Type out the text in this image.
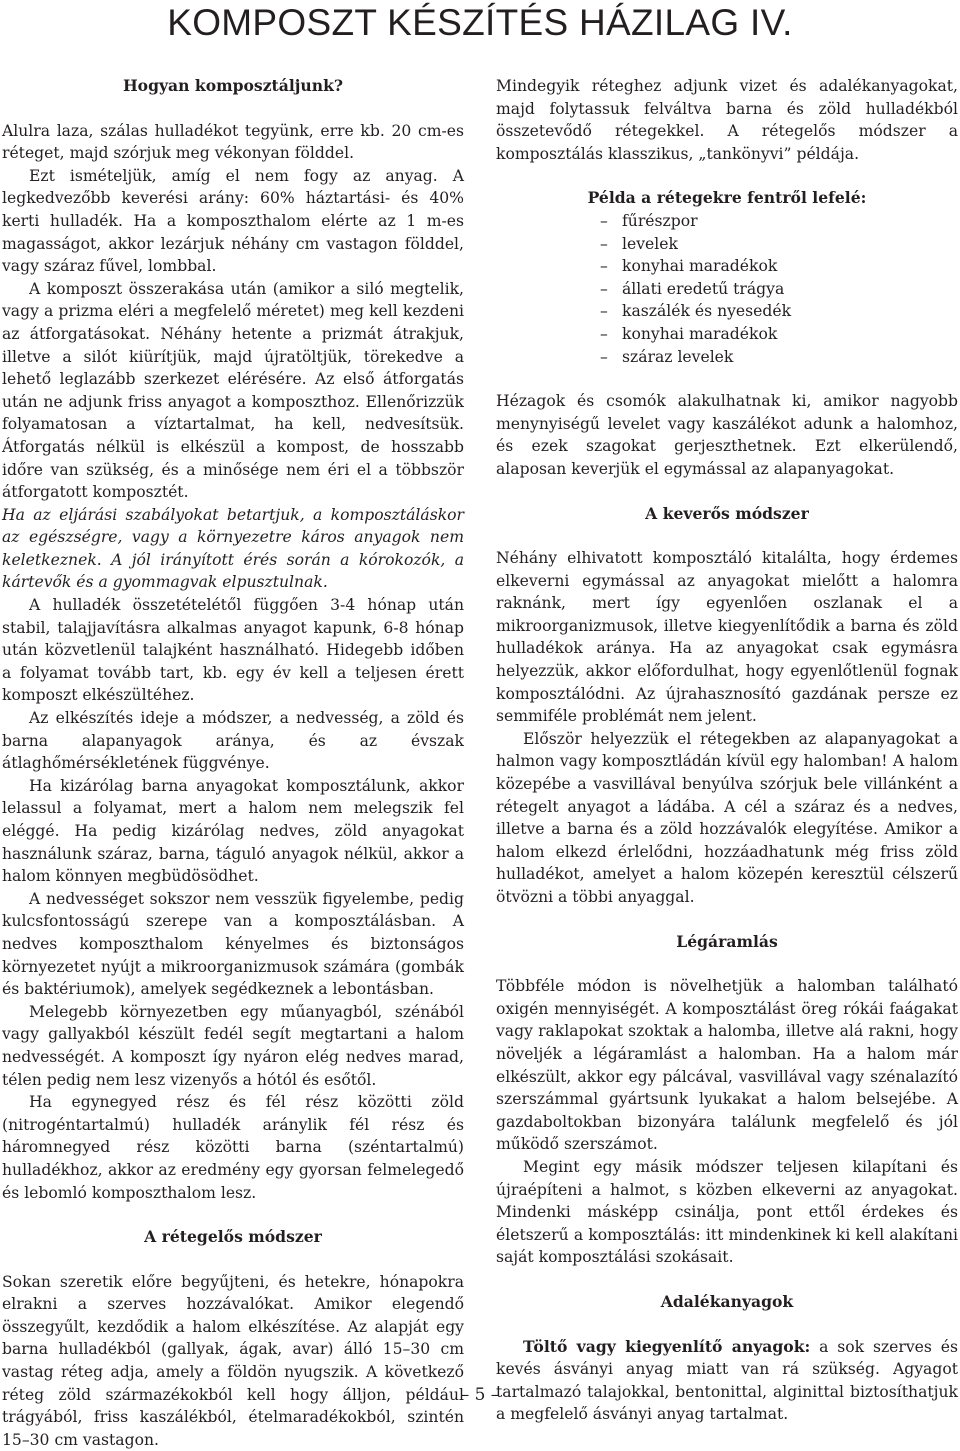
KOMPOSZT KÉSZÍTÉS HÁZILAG IV.
Hogyan komposztáljunk?

Alulra laza, szálas hulladékot tegyünk, erre kb. 20 cm-es réteget, majd szórjuk meg vékonyan földdel.

Ezt ismételjük, amíg el nem fogy az anyag. A legkedvezőbb keverési arány: 60% háztartási- és 40% kerti hulladék. Ha a komposzthalom elérte az 1 m-es magasságot, akkor lezárjuk néhány cm vastagon földdel, vagy száraz fűvel, lombbal.

A komposzt összerakása után (amikor a siló megtelik, vagy a prizma eléri a megfelelő méretet) meg kell kezdeni az átforgatásokat. Néhány hetente a prizmát átrakjuk, illetve a silót kiürítjük, majd újratöltjük, törekedve a lehető leglazább szerkezet elérésére. Az első átforgatás után ne adjunk friss anyagot a komposzthoz. Ellenőrizzük folyamatosan a víztartalmat, ha kell, nedvesítsük. Átforgatás nélkül is elkészül a kompost, de hosszabb időre van szükség, és a minősége nem éri el a többször átforgatott komposztét.

Ha az eljárási szabályokat betartjuk, a komposztáláskor az egészségre, vagy a környezetre káros anyagok nem keletkeznek. A jól irányított érés során a kórokozók, a kártevők és a gyommagvak elpusztulnak.

A hulladék összetételétől függően 3-4 hónap után stabil, talajjavításra alkalmas anyagot kapunk, 6-8 hónap után közvetlenül talajként használható. Hidegebb időben a folyamat tovább tart, kb. egy év kell a teljesen érett komposzt elkészültéhez.

Az elkészítés ideje a módszer, a nedvesség, a zöld és barna alapanyagok aránya, és az évszak átlaghőmérsékletének függvénye.

Ha kizárólag barna anyagokat komposztálunk, akkor lelassul a folyamat, mert a halom nem melegszik fel eléggé. Ha pedig kizárólag nedves, zöld anyagokat használunk száraz, barna, táguló anyagok nélkül, akkor a halom könnyen megbüdösödhet.

A nedvességet sokszor nem vesszük figyelembe, pedig kulcsfontosságú szerepe van a komposztálásban. A nedves komposzthalom kényelmes és biztonságos környezetet nyújt a mikroorganizmusok számára (gombák és baktériumok), amelyek segédkeznek a lebontásban.

Melegebb környezetben egy műanyagból, szénából vagy gallyakból készült fedél segít megtartani a halom nedvességét. A komposzt így nyáron elég nedves marad, télen pedig nem lesz vizenyős a hótól és esőtől.

Ha egynegyed rész és fél rész közötti zöld (nitrogéntartalmú) hulladék aránylik fél rész és háromnegyed rész közötti barna (széntartalmú) hulladékhoz, akkor az eredmény egy gyorsan felmelegedő és lebomló komposzthalom lesz.

A rétegelős módszer

Sokan szeretik előre begyűjteni, és hetekre, hónapokra elrakni a szerves hozzávalókat. Amikor elegendő összegyűlt, kezdődik a halom elkészítése. Az alapját egy barna hulladékból (gallyak, ágak, avar) álló 15–30 cm vastag réteg adja, amely a földön nyugszik. A következő réteg zöld származékokból kell hogy álljon, például trágyából, friss kaszálékból, ételmaradékokból, szintén 15–30 cm vastagon.

Mindegyik réteghez adjunk vizet és adalékanyagokat, majd folytassuk felváltva barna és zöld hulladékból összetevődő rétegekkel. A rétegelős módszer a komposztálás klasszikus, „tankönyvi” példája.

Példa a rétegekre fentről lefelé:
– fűrészpor
– levelek
– konyhai maradékok
– állati eredetű trágya
– kaszálék és nyesedék
– konyhai maradékok
– száraz levelek

Hézagok és csomók alakulhatnak ki, amikor nagyobb menynyiségű levelet vagy kaszálékot adunk a halomhoz, és ezek szagokat gerjeszthetnek. Ezt elkerülendő, alaposan keverjük el egymással az alapanyagokat.

A keverős módszer

Néhány elhivatott komposztáló kitalálta, hogy érdemes elkeverni egymással az anyagokat mielőtt a halomra raknánk, mert így egyenlően oszlanak el a mikroorganizmusok, illetve kiegyenlítődik a barna és zöld hulladékok aránya. Ha az anyagokat csak egymásra helyezzük, akkor előfordulhat, hogy egyenlőtlenül fognak komposztálódni. Az újrahasznosító gazdának persze ez semmiféle problémát nem jelent.

Először helyezzük el rétegekben az alapanyagokat a halmon vagy komposztládán kívül egy halomban! A halom közepébe a vasvillával benyúlva szórjuk bele villánként a rétegelt anyagot a ládába. A cél a száraz és a nedves, illetve a barna és a zöld hozzávalók elegyítése. Amikor a halom elkezd érlelődni, hozzáadhatunk még friss zöld hulladékot, amelyet a halom közepén keresztül célszerű ötvözni a többi anyaggal.

Légáramlás

Többféle módon is növelhetjük a halomban található oxigén mennyiségét. A komposztálást öreg rókái faágakat vagy raklapokat szoktak a halomba, illetve alá rakni, hogy növeljék a légáramlást a halomban. Ha a halom már elkészült, akkor egy pálcával, vasvillával vagy szénalazító szerszámmal gyártsunk lyukakat a halom belsejébe. A gazdaboltokban bizonyára találunk megfelelő és jól működő szerszámot.

Megint egy másik módszer teljesen kilapítani és újraépíteni a halmot, s közben elkeverni az anyagokat. Mindenki másképp csinálja, pont ettől érdekes és életszerű a komposztálás: itt mindenkinek ki kell alakítani saját komposztálási szokásait.

Adalékanyagok

Töltő vagy kiegyenlítő anyagok: a sok szerves és kevés ásványi anyag miatt van rá szükség. Agyagot tartalmazó talajokkal, bentonittal, alginittal biztosíthatjuk a megfelelő ásványi anyag tartalmat.

– 5 –
